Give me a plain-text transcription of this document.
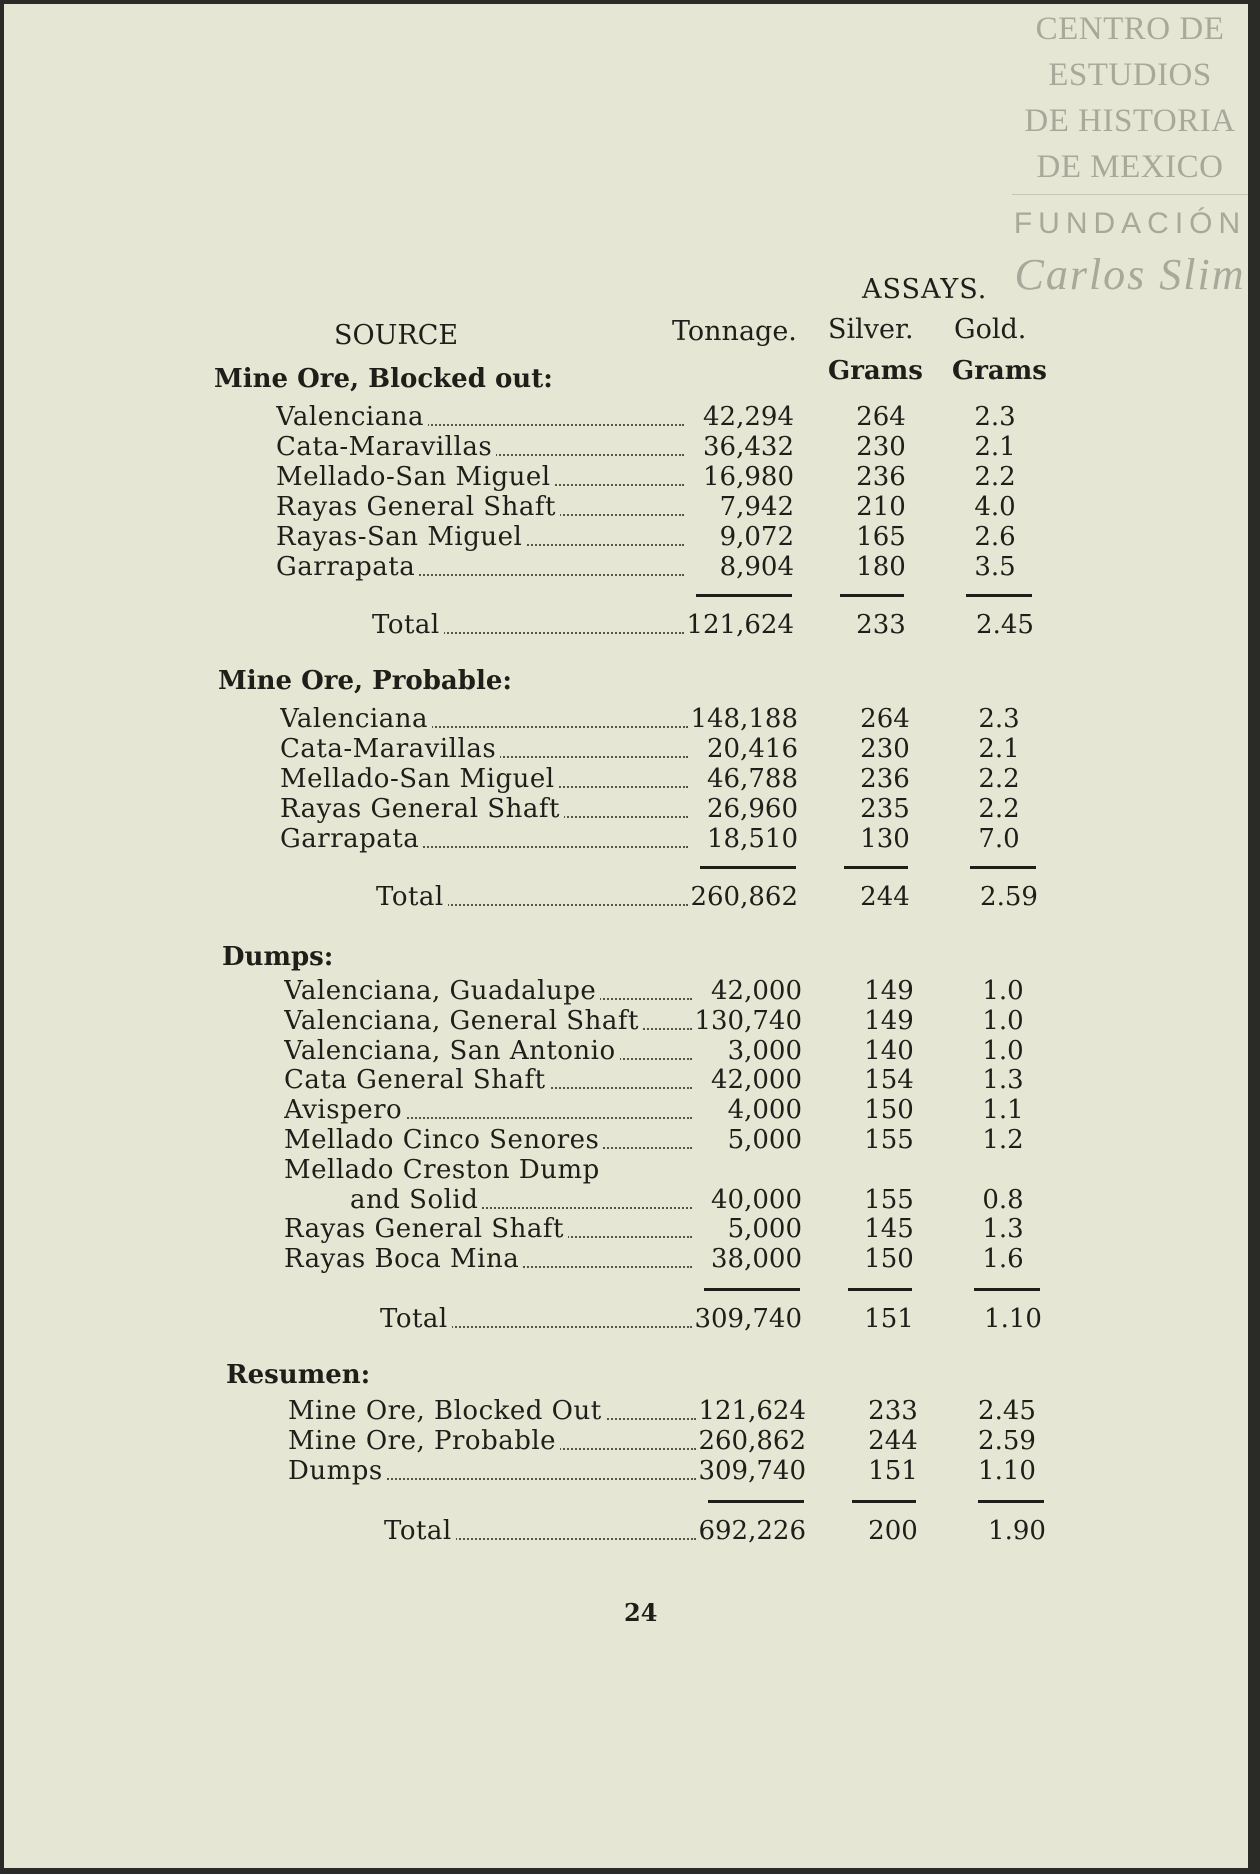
CENTRO DE
ESTUDIOS
DE HISTORIA
DE MEXICO
FUNDACIÓN
Carlos Slim
ASSAYS.
SOURCE	Tonnage. Silver. Gold.
Grams Grams
Mine Ore, Blocked out:
Valenciana	42,294	264	2.3
Cata-Maravillas	36,432	230	2.1
Mellado-San Miguel	16,980	236	2.2
Rayas General Shaft	7,942	210	4.0
Rayas-San Miguel	9,072	165	2.6
Garrapata	8,904	180	3.5
Total	121,624	233	2.45
Mine Ore, Probable:
Valenciana	148,188	264	2.3
Cata-Maravillas	20,416	230	2.1
Mellado-San Miguel	46,788	236	2.2
Rayas General Shaft	26,960	235	2.2
Garrapata	18,510	130	7.0
Total	260,862	244	2.59
Dumps:
Valenciana, Guadalupe	42,000	149	1.0
Valenciana, General Shaft	130,740	149	1.0
Valenciana, San Antonio	3,000	140	1.0
Cata General Shaft	42,000	154	1.3
Avispero	4,000	150	1.1
Mellado Cinco Senores	5,000	155	1.2
Mellado Creston Dump
and Solid	40,000	155	0.8
Rayas General Shaft	5,000	145	1.3
Rayas Boca Mina	38,000	150	1.6
Total	309,740	151	1.10
Resumen:
Mine Ore, Blocked Out	121,624	233	2.45
Mine Ore, Probable	260,862	244	2.59
Dumps	309,740	151	1.10
Total	692,226	200	1.90
24
